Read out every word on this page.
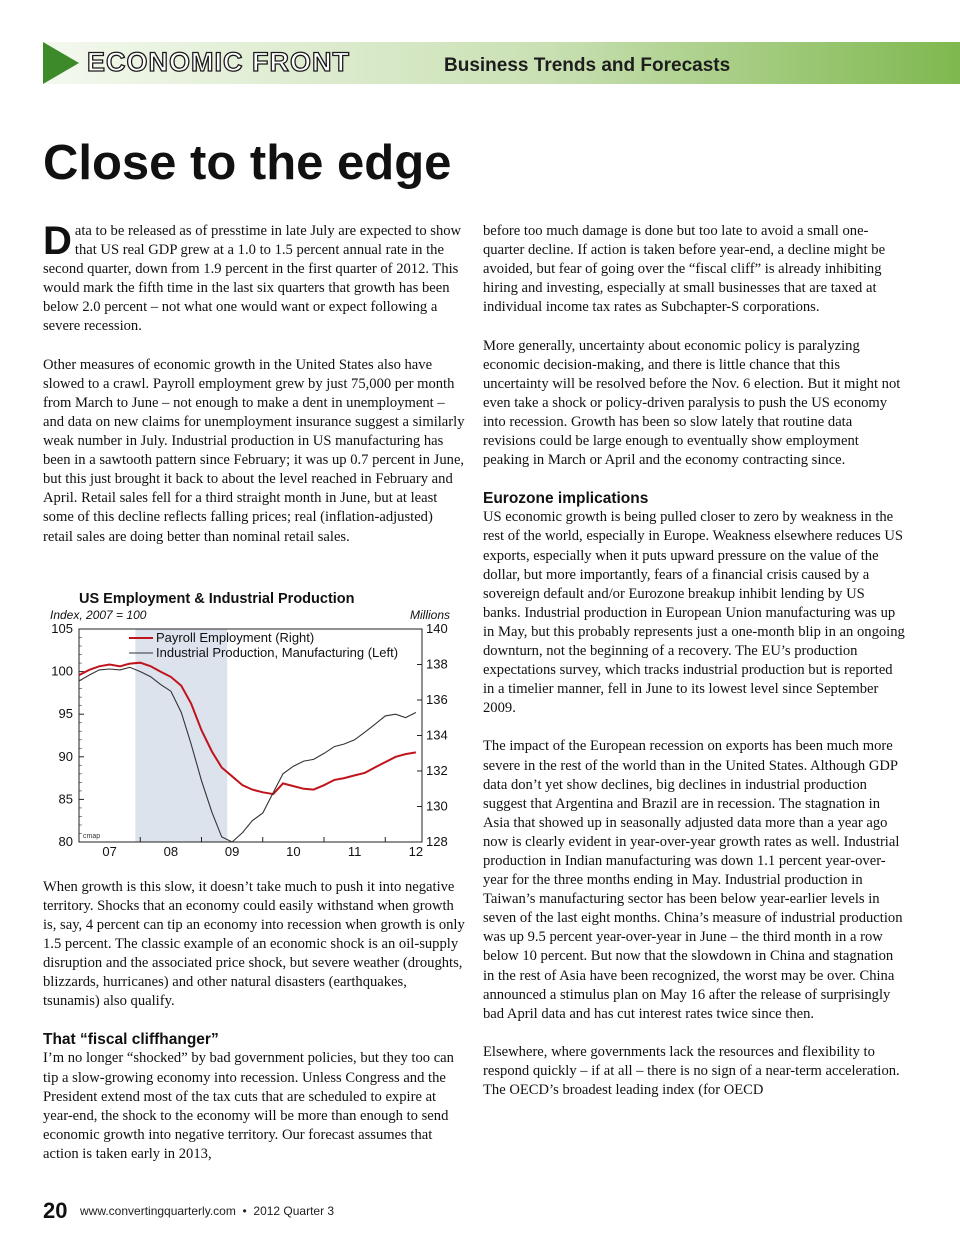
ECONOMIC FRONT	Business Trends and Forecasts
Close to the edge

Data to be released as of presstime in late July are expected to show that US real GDP grew at a 1.0 to 1.5 percent annual rate in the second quarter, down from 1.9 percent in the first quarter of 2012. This would mark the fifth time in the last six quarters that growth has been below 2.0 percent – not what one would want or expect following a severe recession.

Other measures of economic growth in the United States also have slowed to a crawl. Payroll employment grew by just 75,000 per month from March to June – not enough to make a dent in unemployment – and data on new claims for unemployment insurance suggest a similarly weak number in July. Industrial production in US manufacturing has been in a sawtooth pattern since February; it was up 0.7 percent in June, but this just brought it back to about the level reached in February and April. Retail sales fell for a third straight month in June, but at least some of this decline reflects falling prices; real (inflation-adjusted) retail sales are doing better than nominal retail sales.

When growth is this slow, it doesn’t take much to push it into negative territory. Shocks that an economy could easily withstand when growth is, say, 4 percent can tip an economy into recession when growth is only 1.5 percent. The classic example of an economic shock is an oil-supply disruption and the associated price shock, but severe weather (droughts, blizzards, hurricanes) and other natural disasters (earthquakes, tsunamis) also qualify.

That “fiscal cliffhanger”

I’m no longer “shocked” by bad government policies, but they too can tip a slow-growing economy into recession. Unless Congress and the President extend most of the tax cuts that are scheduled to expire at year-end, the shock to the economy will be more than enough to send economic growth into negative territory. Our forecast assumes that action is taken early in 2013,

US Employment & Industrial Production
Index, 2007 = 100	Millions
105
100
95
90
85
80
140
138
136
134
132
130
128
07	08	09	10	11	12
Payroll Employment (Right)
Industrial Production, Manufacturing (Left)
cmap

before too much damage is done but too late to avoid a small one-quarter decline. If action is taken before year-end, a decline might be avoided, but fear of going over the “fiscal cliff” is already inhibiting hiring and investing, especially at small businesses that are taxed at individual income tax rates as Subchapter-S corporations.

More generally, uncertainty about economic policy is paralyzing economic decision-making, and there is little chance that this uncertainty will be resolved before the Nov. 6 election. But it might not even take a shock or policy-driven paralysis to push the US economy into recession. Growth has been so slow lately that routine data revisions could be large enough to eventually show employment peaking in March or April and the economy contracting since.

Eurozone implications

US economic growth is being pulled closer to zero by weakness in the rest of the world, especially in Europe. Weakness elsewhere reduces US exports, especially when it puts upward pressure on the value of the dollar, but more importantly, fears of a financial crisis caused by a sovereign default and/or Eurozone breakup inhibit lending by US banks. Industrial production in European Union manufacturing was up in May, but this probably represents just a one-month blip in an ongoing downturn, not the beginning of a recovery. The EU’s production expectations survey, which tracks industrial production but is reported in a timelier manner, fell in June to its lowest level since September 2009.

The impact of the European recession on exports has been much more severe in the rest of the world than in the United States. Although GDP data don’t yet show declines, big declines in industrial production suggest that Argentina and Brazil are in recession. The stagnation in Asia that showed up in seasonally adjusted data more than a year ago now is clearly evident in year-over-year growth rates as well. Industrial production in Indian manufacturing was down 1.1 percent year-over-year for the three months ending in May. Industrial production in Taiwan’s manufacturing sector has been below year-earlier levels in seven of the last eight months. China’s measure of industrial production was up 9.5 percent year-over-year in June – the third month in a row below 10 percent. But now that the slowdown in China and stagnation in the rest of Asia have been recognized, the worst may be over. China announced a stimulus plan on May 16 after the release of surprisingly bad April data and has cut interest rates twice since then.

Elsewhere, where governments lack the resources and flexibility to respond quickly – if at all – there is no sign of a near-term acceleration. The OECD’s broadest leading index (for OECD

20 www.convertingquarterly.com • 2012 Quarter 3
